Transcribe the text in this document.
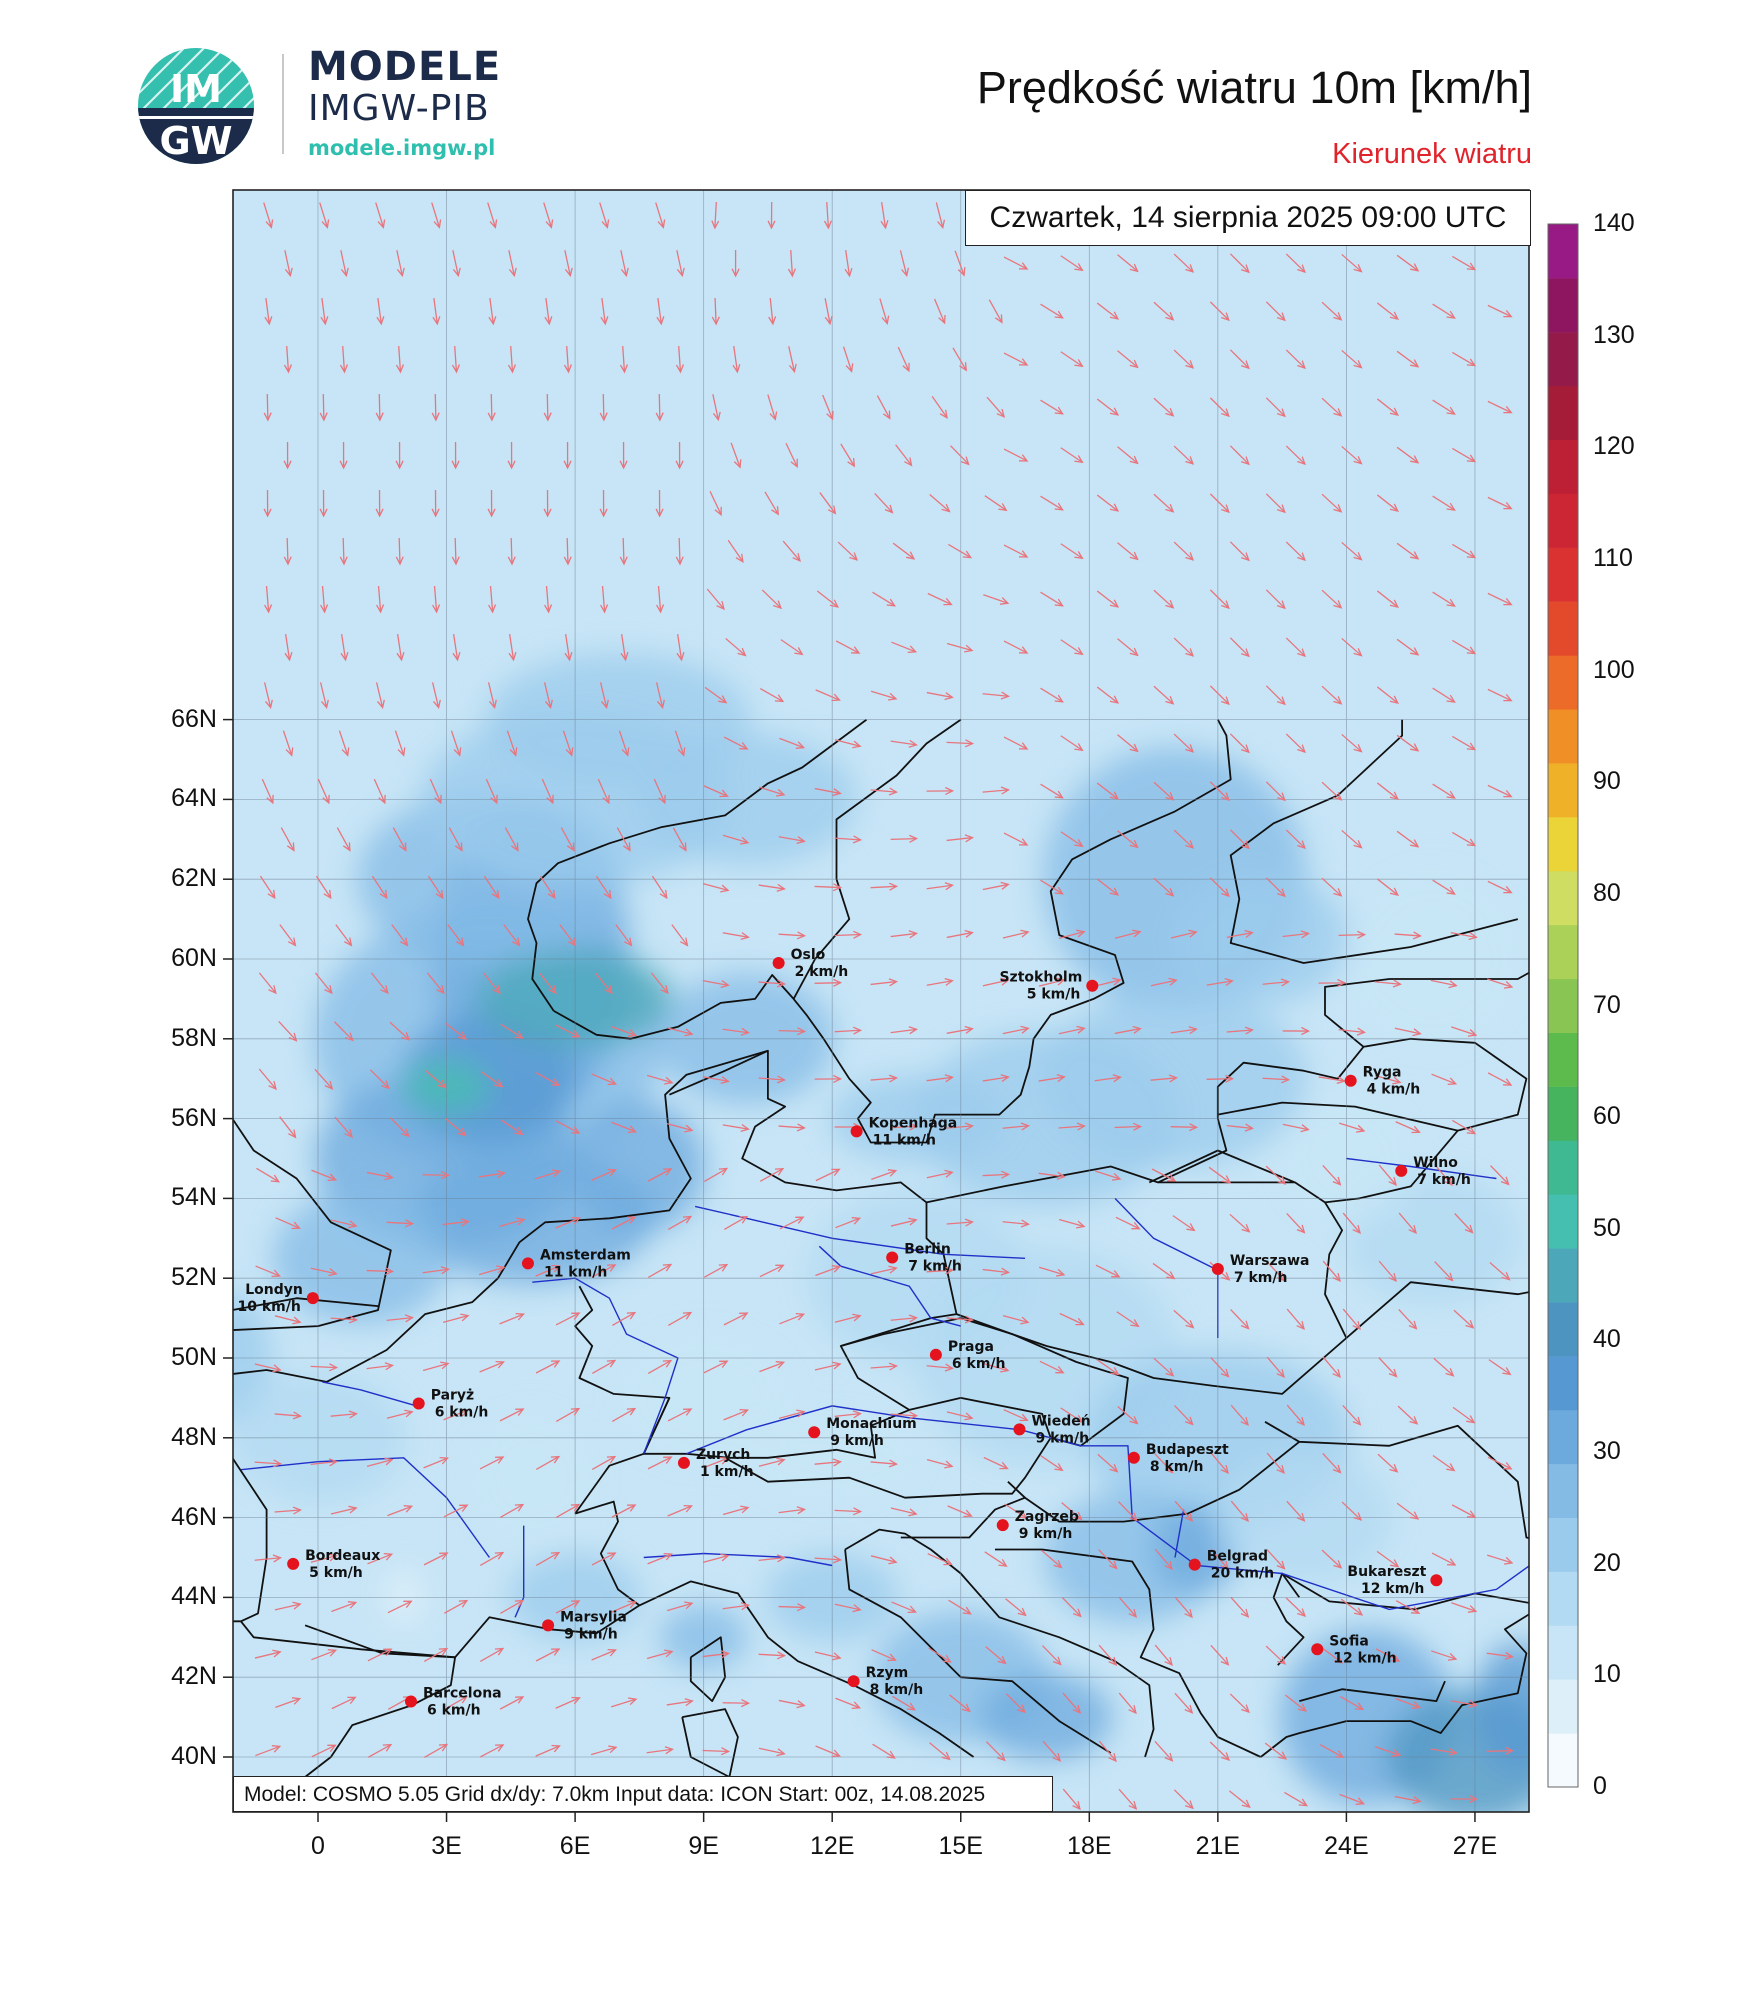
IM
GW
MODELE
IMGW-PIB
modele.imgw.pl
Prędkość wiatru 10m [km/h]
Kierunek wiatru
Oslo
2 km/h	Sztokholm
5 km/h
Ryga
4 km/h
Kopenhaga
11 km/h
Wilno
7 km/h
Amsterdam
11 km/h
Berlin
7 km/h	Warszawa
7 km/h
Londyn
10 km/h
Praga
6 km/h
Paryż
6 km/h
Monachium
9 km/h
Wiedeń
9 km/h
Zurych
1 km/h
Budapeszt
8 km/h
Zagrzeb
9 km/h
Bordeaux
5 km/h
Belgrad
20 km/h	Bukareszt
12 km/h
Marsylia
9 km/h	Sofia
12 km/h
Rzym
8 km/h
Barcelona
6 km/h
Czwartek, 14 sierpnia 2025 09:00 UTC
Model: COSMO 5.05 Grid dx/dy: 7.0km Input data: ICON Start: 00z, 14.08.2025
66N
64N
62N
60N
58N
56N
54N
52N
50N
48N
46N
44N
42N
40N
0	3E	6E	9E	12E	15E	18E	21E	24E	27E
140
130
120
110
100
90
80
70
60
50
40
30
20
10
0
